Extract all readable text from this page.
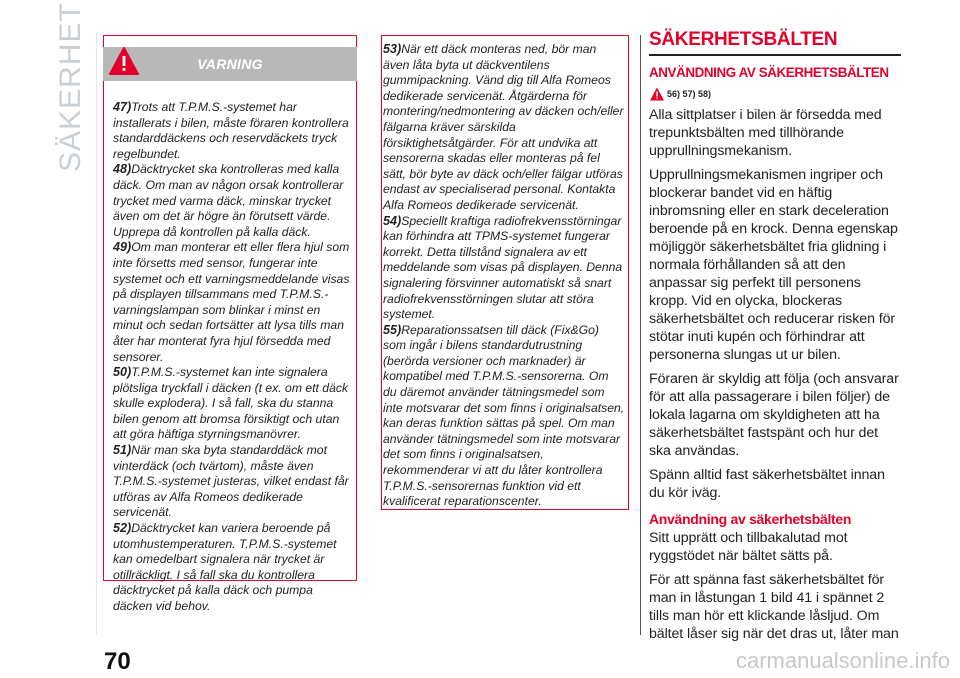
SÄKERHET	VARNING

47)Trots att T.P.M.S.-systemet har installerats i bilen, måste föraren kontrollera standarddäckens och reservdäckets tryck regelbundet.

48)Däcktrycket ska kontrolleras med kalla däck. Om man av någon orsak kontrollerar trycket med varma däck, minskar trycket även om det är högre än förutsett värde. Upprepa då kontrollen på kalla däck.

49)Om man monterar ett eller flera hjul som inte försetts med sensor, fungerar inte systemet och ett varningsmeddelande visas på displayen tillsammans med T.P.M.S.-varningslampan som blinkar i minst en minut och sedan fortsätter att lysa tills man åter har monterat fyra hjul försedda med sensorer.

50)T.P.M.S.-systemet kan inte signalera plötsliga tryckfall i däcken (t ex. om ett däck skulle explodera). I så fall, ska du stanna bilen genom att bromsa försiktigt och utan att göra häftiga styrningsmanövrer.

51)När man ska byta standarddäck mot vinterdäck (och tvärtom), måste även T.P.M.S.-systemet justeras, vilket endast får utföras av Alfa Romeos dedikerade servicenät.

52)Däcktrycket kan variera beroende på utomhustemperaturen. T.P.M.S.-systemet kan omedelbart signalera när trycket är otillräckligt. I så fall ska du kontrollera däcktrycket på kalla däck och pumpa däcken vid behov.

53)När ett däck monteras ned, bör man även låta byta ut däckventilens gummipackning. Vänd dig till Alfa Romeos dedikerade servicenät. Åtgärderna för montering/nedmontering av däcken och/eller fälgarna kräver särskilda försiktighetsåtgärder. För att undvika att sensorerna skadas eller monteras på fel sätt, bör byte av däck och/eller fälgar utföras endast av specialiserad personal. Kontakta Alfa Romeos dedikerade servicenät.

54)Speciellt kraftiga radiofrekvensstörningar kan förhindra att TPMS-systemet fungerar korrekt. Detta tillstånd signalera av ett meddelande som visas på displayen. Denna signalering försvinner automatiskt så snart radiofrekvensstörningen slutar att störa systemet.

55)Reparationssatsen till däck (Fix&Go) som ingår i bilens standardutrustning (berörda versioner och marknader) är kompatibel med T.P.M.S.-sensorerna. Om du däremot använder tätningsmedel som inte motsvarar det som finns i originalsatsen, kan deras funktion sättas på spel. Om man använder tätningsmedel som inte motsvarar det som finns i originalsatsen, rekommenderar vi att du låter kontrollera T.P.M.S.-sensorernas funktion vid ett kvalificerat reparationscenter.

SÄKERHETSBÄLTEN
ANVÄNDNING AV SÄKERHETSBÄLTEN
56) 57) 58)

Alla sittplatser i bilen är försedda med trepunktsbälten med tillhörande upprullningsmekanism.

Upprullningsmekanismen ingriper och blockerar bandet vid en häftig inbromsning eller en stark deceleration beroende på en krock. Denna egenskap möjliggör säkerhetsbältet fria glidning i normala förhållanden så att den anpassar sig perfekt till personens kropp. Vid en olycka, blockeras säkerhetsbältet och reducerar risken för stötar inuti kupén och förhindrar att personerna slungas ut ur bilen.

Föraren är skyldig att följa (och ansvarar för att alla passagerare i bilen följer) de lokala lagarna om skyldigheten att ha säkerhetsbältet fastspänt och hur det ska användas.

Spänn alltid fast säkerhetsbältet innan du kör iväg.

Användning av säkerhetsbälten

Sitt upprätt och tillbakalutad mot ryggstödet när bältet sätts på.

För att spänna fast säkerhetsbältet för man in låstungan 1 bild 41 i spännet 2 tills man hör ett klickande låsljud. Om bältet låser sig när det dras ut, låter man

70	carmanualsonline.info
